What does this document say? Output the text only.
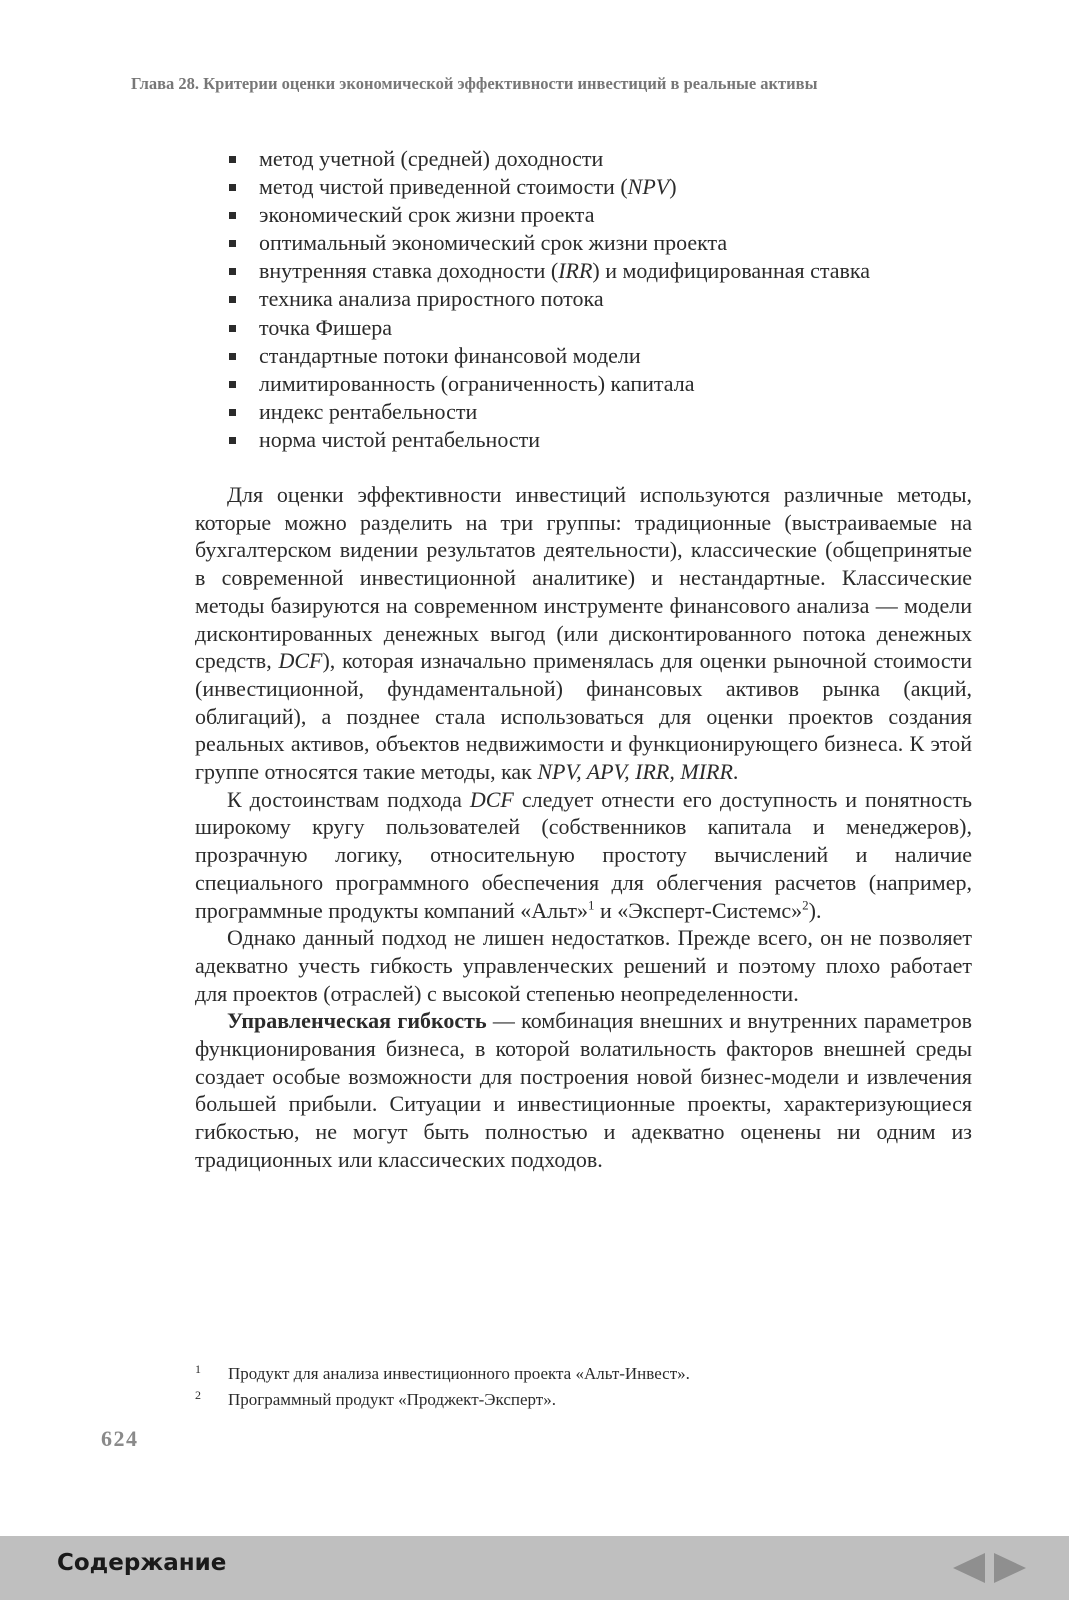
Глава 28. Критерии оценки экономической эффективности инвестиций в реальные активы
метод учетной (средней) доходности
метод чистой приведенной стоимости (NPV)
экономический срок жизни проекта
оптимальный экономический срок жизни проекта
внутренняя ставка доходности (IRR) и модифицированная ставка
техника анализа приростного потока
точка Фишера
стандартные потоки финансовой модели
лимитированность (ограниченность) капитала
индекс рентабельности
норма чистой рентабельности

Для оценки эффективности инвестиций используются различные методы, которые можно разделить на три группы: традиционные (выстраиваемые на бухгалтерском видении результатов деятельности), классические (общепринятые в современной инвестиционной аналитике) и нестандартные. Классические методы базируются на современном инструменте финансового анализа — модели дисконтированных денежных выгод (или дисконтированного потока денежных средств, DCF), которая изначально применялась для оценки рыночной стоимости (инвестиционной, фундаментальной) финансовых активов рынка (акций, облигаций), а позднее стала использоваться для оценки проектов создания реальных активов, объектов недвижимости и функционирующего бизнеса. К этой группе относятся такие методы, как NPV, APV, IRR, MIRR.

К достоинствам подхода DCF следует отнести его доступность и понятность широкому кругу пользователей (собственников капитала и менеджеров), прозрачную логику, относительную простоту вычислений и наличие специального программного обеспечения для облегчения расчетов (например, программные продукты компаний «Альт»$^1$ и «Эксперт-Системс»$^2$).

Однако данный подход не лишен недостатков. Прежде всего, он не позволяет адекватно учесть гибкость управленческих решений и поэтому плохо работает для проектов (отраслей) с высокой степенью неопределенности.

Управленческая гибкость — комбинация внешних и внутренних параметров функционирования бизнеса, в которой волатильность факторов внешней среды создает особые возможности для построения новой бизнес-модели и извлечения большей прибыли. Ситуации и инвестиционные проекты, характеризующиеся гибкостью, не могут быть полностью и адекватно оценены ни одним из традиционных или классических подходов.

1 Продукт для анализа инвестиционного проекта «Альт-Инвест».
2 Программный продукт «Проджект-Эксперт».
624
Содержание
